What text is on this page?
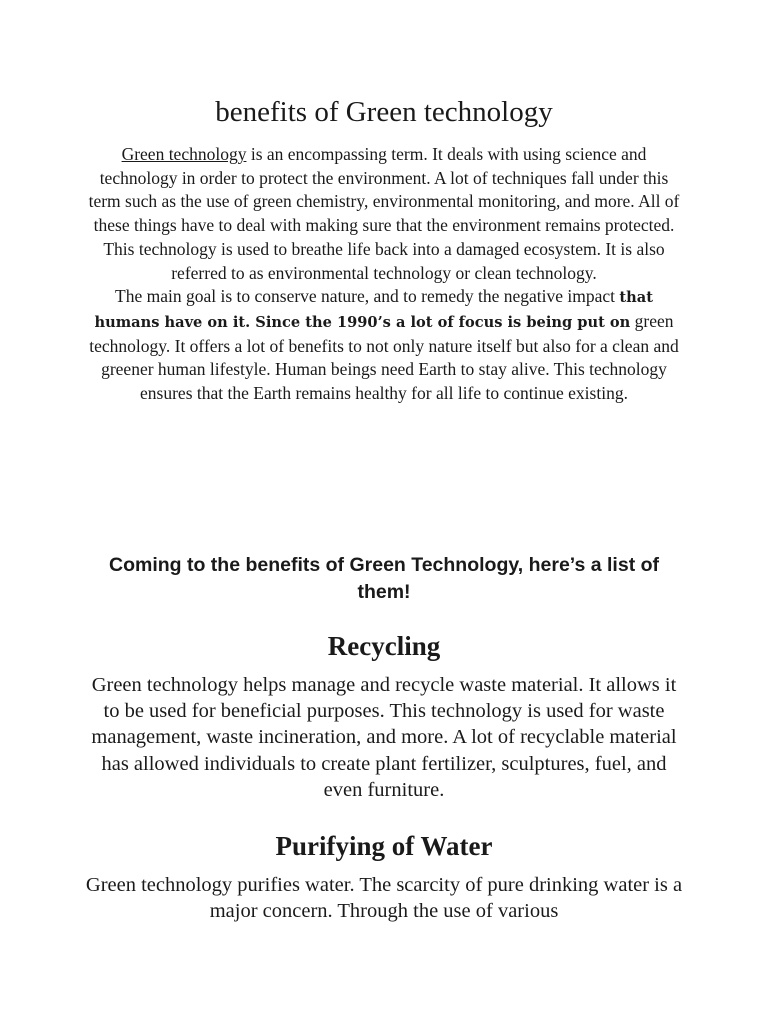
benefits of Green technology

Green technology is an encompassing term. It deals with using science and technology in order to protect the environment. A lot of techniques fall under this term such as the use of green chemistry, environmental monitoring, and more. All of these things have to deal with making sure that the environment remains protected. This technology is used to breathe life back into a damaged ecosystem. It is also referred to as environmental technology or clean technology.
The main goal is to conserve nature, and to remedy the negative impact that humans have on it. Since the 1990’s a lot of focus is being put on green technology. It offers a lot of benefits to not only nature itself but also for a clean and greener human lifestyle. Human beings need Earth to stay alive. This technology ensures that the Earth remains healthy for all life to continue existing.

Coming to the benefits of Green Technology, here’s a list of them!
Recycling

Green technology helps manage and recycle waste material. It allows it to be used for beneficial purposes. This technology is used for waste management, waste incineration, and more. A lot of recyclable material has allowed individuals to create plant fertilizer, sculptures, fuel, and even furniture.

Purifying of Water

Green technology purifies water. The scarcity of pure drinking water is a major concern. Through the use of various
